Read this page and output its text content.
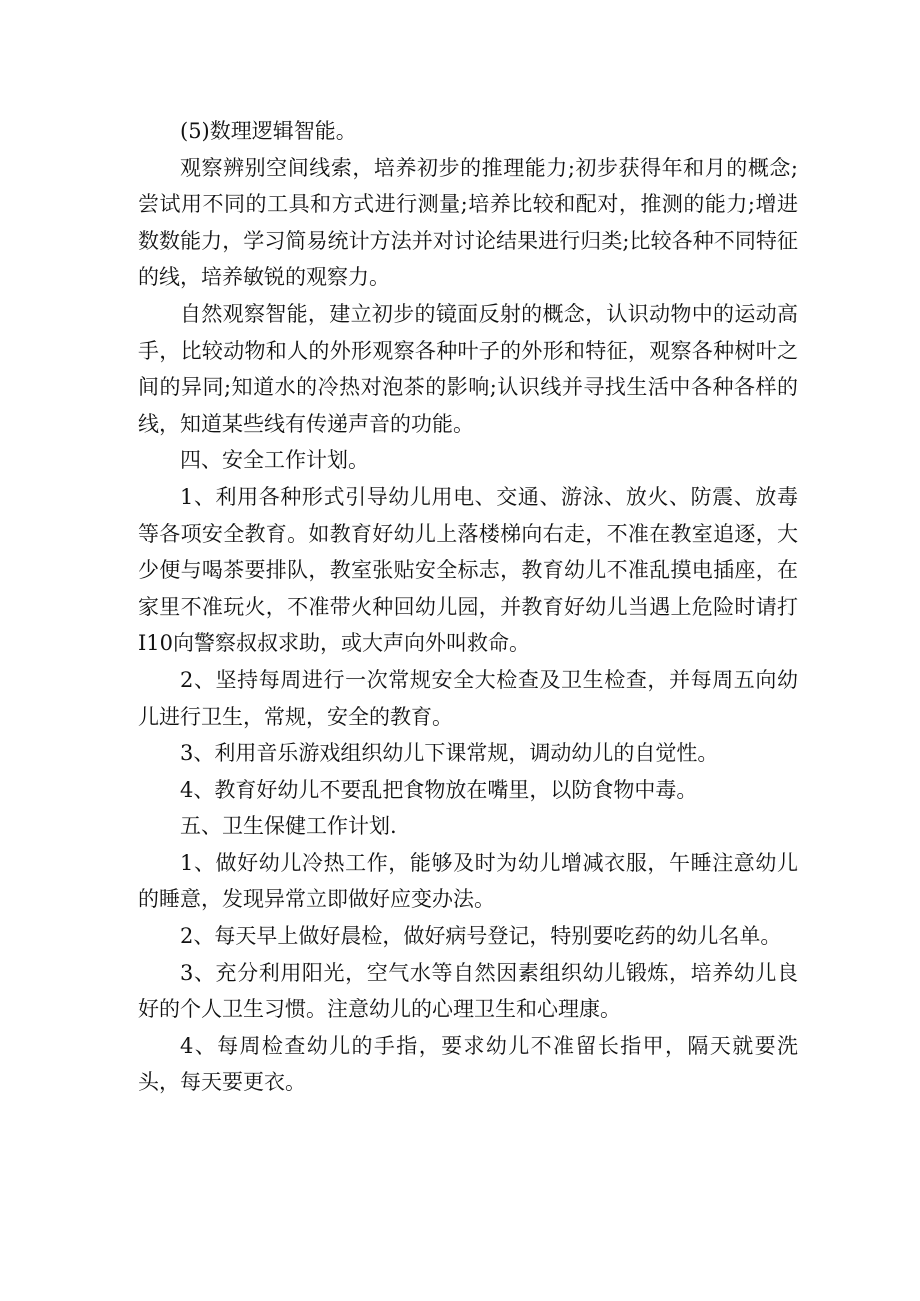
(5)数理逻辑智能。

观察辨别空间线索，培养初步的推理能力;初步获得年和月的概念;尝试用不同的工具和方式进行测量;培养比较和配对，推测的能力;增进数数能力，学习简易统计方法并对讨论结果进行归类;比较各种不同特征的线，培养敏锐的观察力。

自然观察智能，建立初步的镜面反射的概念，认识动物中的运动高手，比较动物和人的外形观察各种叶子的外形和特征，观察各种树叶之间的异同;知道水的冷热对泡茶的影响;认识线并寻找生活中各种各样的线，知道某些线有传递声音的功能。

四、安全工作计划。

1、利用各种形式引导幼儿用电、交通、游泳、放火、防震、放毒等各项安全教育。如教育好幼儿上落楼梯向右走，不准在教室追逐，大少便与喝茶要排队，教室张贴安全标志，教育幼儿不准乱摸电插座，在家里不准玩火，不准带火种回幼儿园，并教育好幼儿当遇上危险时请打I10向警察叔叔求助，或大声向外叫救命。

2、坚持每周进行一次常规安全大检查及卫生检查，并每周五向幼儿进行卫生，常规，安全的教育。

3、利用音乐游戏组织幼儿下课常规，调动幼儿的自觉性。

4、教育好幼儿不要乱把食物放在嘴里，以防食物中毒。

五、卫生保健工作计划.

1、做好幼儿冷热工作，能够及时为幼儿增减衣服，午睡注意幼儿的睡意，发现异常立即做好应变办法。

2、每天早上做好晨检，做好病号登记，特别要吃药的幼儿名单。

3、充分利用阳光，空气水等自然因素组织幼儿锻炼，培养幼儿良好的个人卫生习惯。注意幼儿的心理卫生和心理康。

4、每周检查幼儿的手指，要求幼儿不准留长指甲，隔天就要洗头，每天要更衣。
